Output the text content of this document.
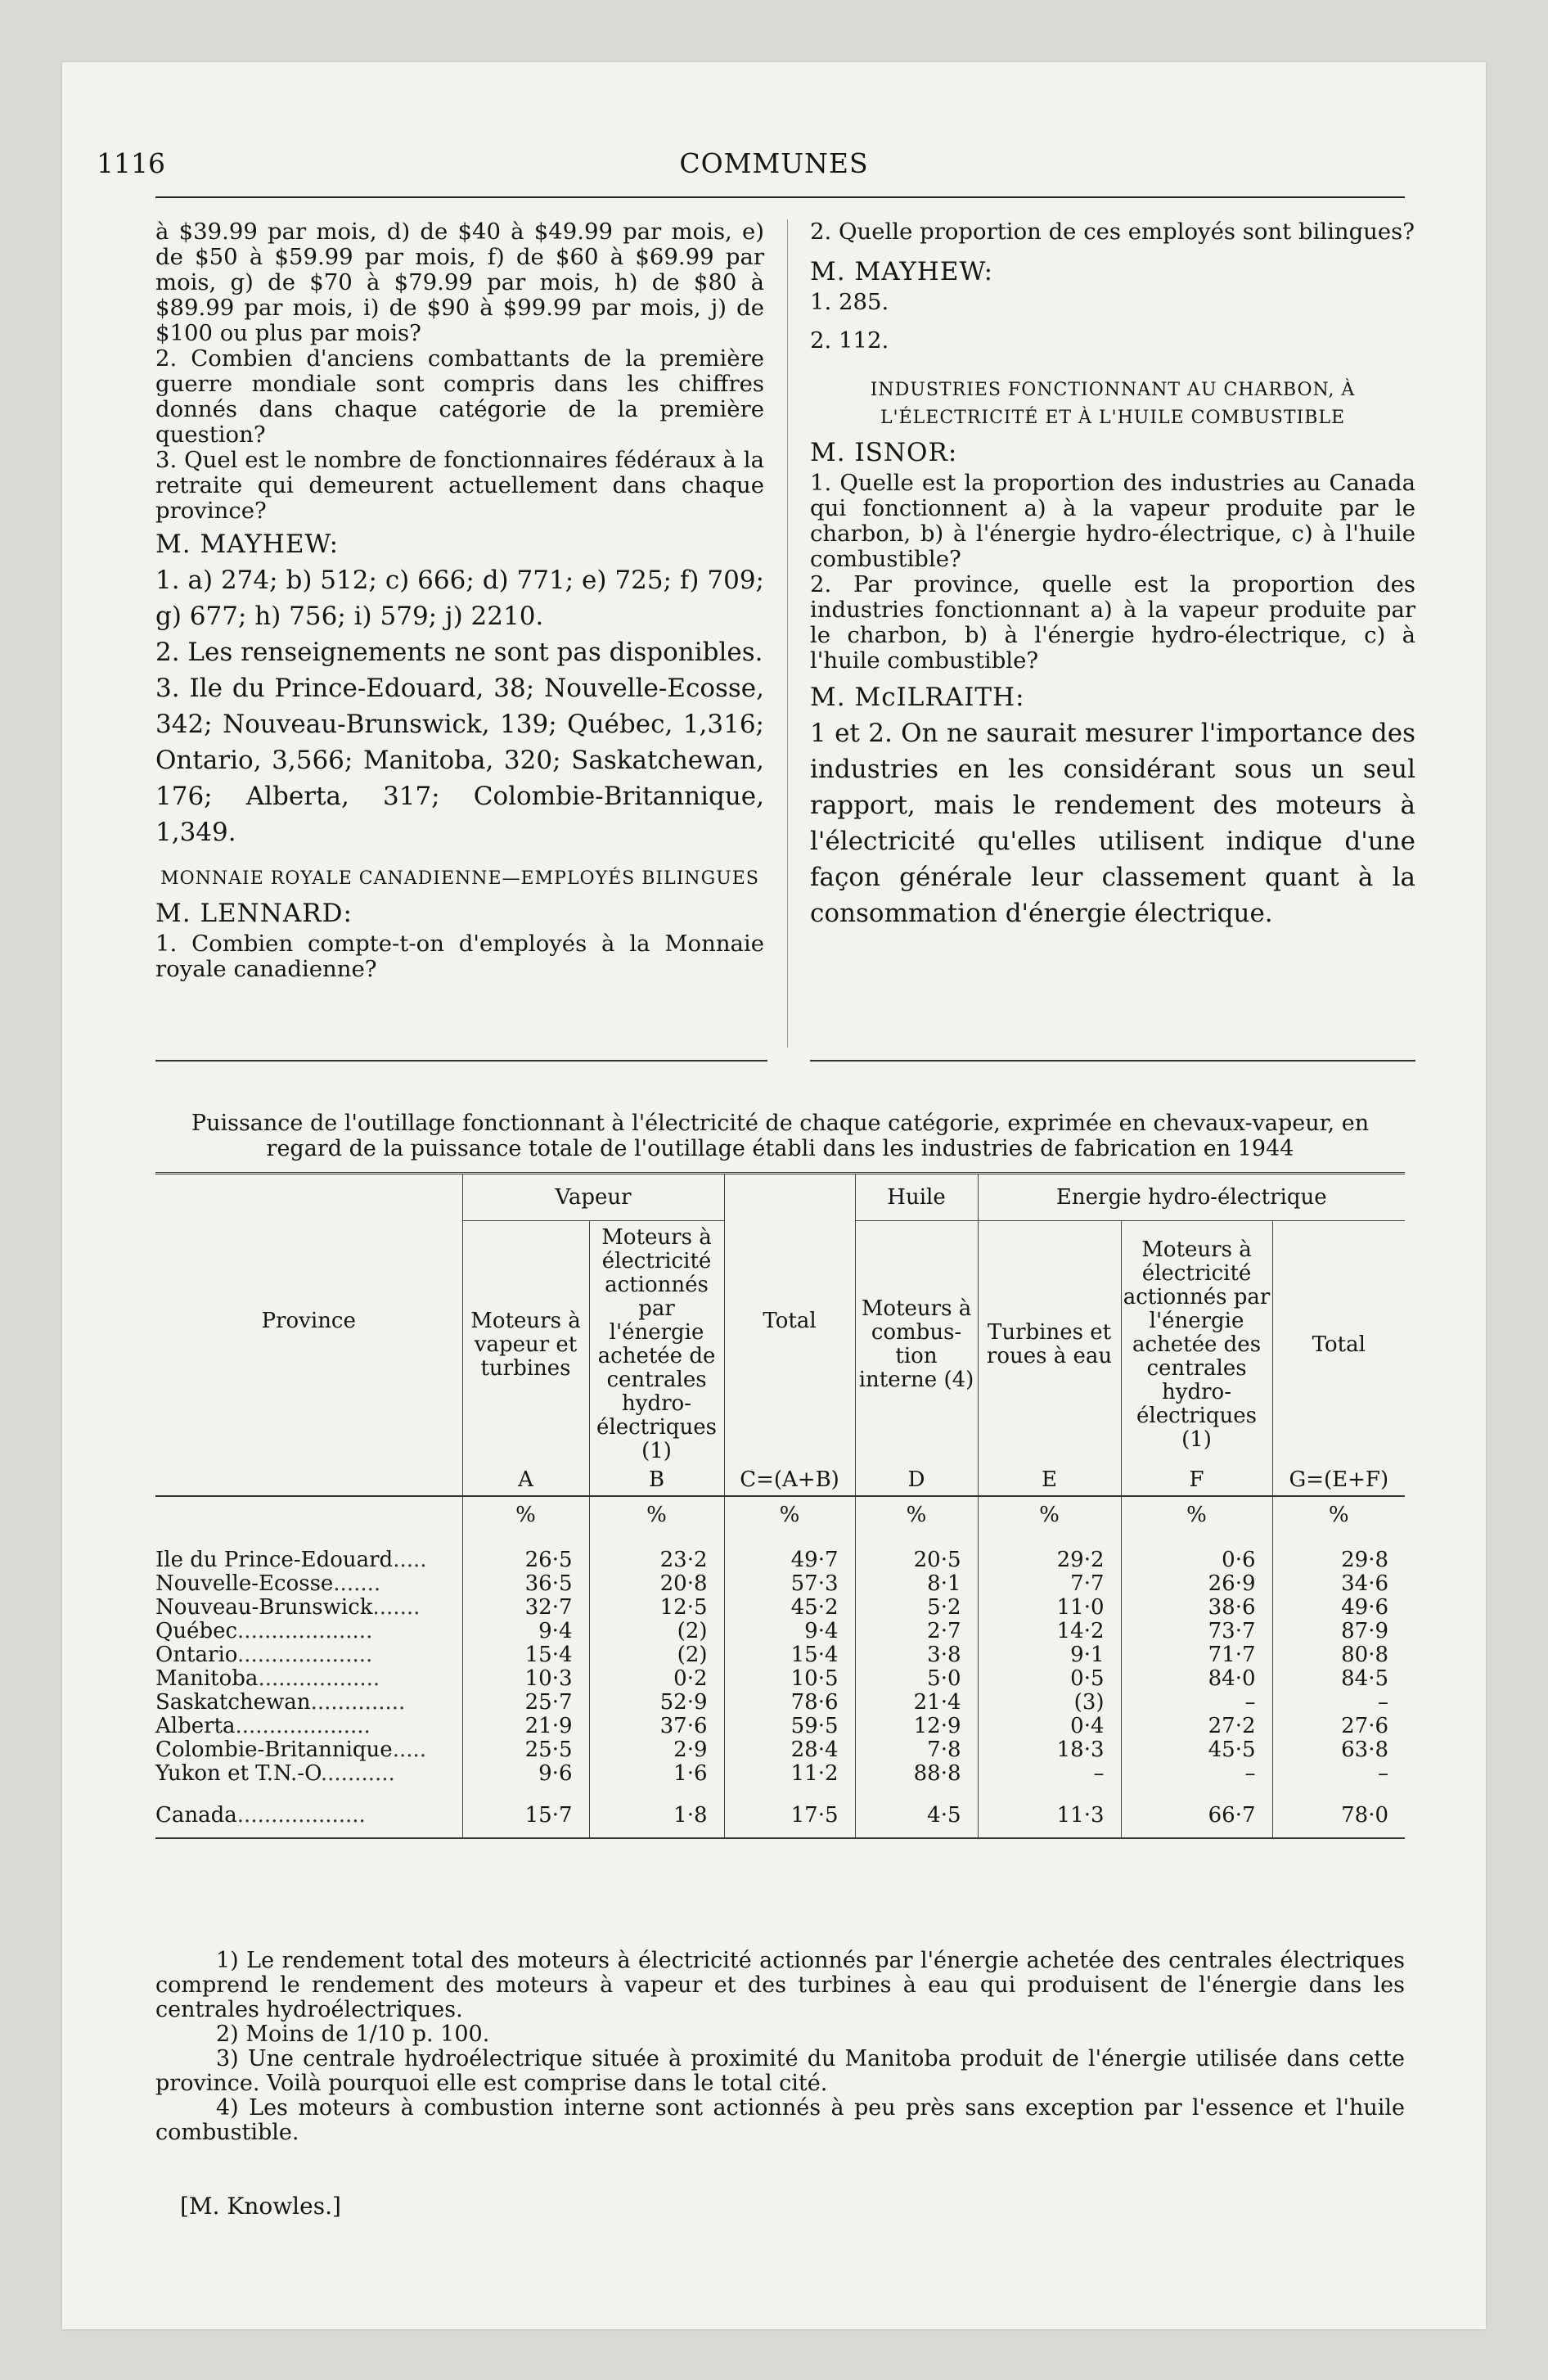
1116	COMMUNES

à $39.99 par mois, d) de $40 à $49.99 par mois, e) de $50 à $59.99 par mois, f) de $60 à $69.99 par mois, g) de $70 à $79.99 par mois, h) de $80 à $89.99 par mois, i) de $90 à $99.99 par mois, j) de $100 ou plus par mois?

2. Combien d'anciens combattants de la première guerre mondiale sont compris dans les chiffres donnés dans chaque catégorie de la première question?

3. Quel est le nombre de fonctionnaires fédéraux à la retraite qui demeurent actuellement dans chaque province?

M. MAYHEW:

1. a) 274; b) 512; c) 666; d) 771; e) 725; f) 709; g) 677; h) 756; i) 579; j) 2210.

2. Les renseignements ne sont pas disponibles.

3. Ile du Prince-Edouard, 38; Nouvelle-Ecosse, 342; Nouveau-Brunswick, 139; Québec, 1,316; Ontario, 3,566; Manitoba, 320; Saskatchewan, 176; Alberta, 317; Colombie-Britannique, 1,349.

MONNAIE ROYALE CANADIENNE—EMPLOYÉS BILINGUES

M. LENNARD:

1. Combien compte-t-on d'employés à la Monnaie royale canadienne?

2. Quelle proportion de ces employés sont bilingues?

M. MAYHEW:

1. 285.

2. 112.

INDUSTRIES FONCTIONNANT AU CHARBON, À L'ÉLECTRICITÉ ET À L'HUILE COMBUSTIBLE

M. ISNOR:

1. Quelle est la proportion des industries au Canada qui fonctionnent a) à la vapeur produite par le charbon, b) à l'énergie hydro-électrique, c) à l'huile combustible?

2. Par province, quelle est la proportion des industries fonctionnant a) à la vapeur produite par le charbon, b) à l'énergie hydro-électrique, c) à l'huile combustible?

M. McILRAITH:

1 et 2. On ne saurait mesurer l'importance des industries en les considérant sous un seul rapport, mais le rendement des moteurs à l'électricité qu'elles utilisent indique d'une façon générale leur classement quant à la consommation d'énergie électrique.

Puissance de l'outillage fonctionnant à l'électricité de chaque catégorie, exprimée en chevaux-vapeur, en regard de la puissance totale de l'outillage établi dans les industries de fabrication en 1944
Province	Vapeur		Total	Huile	Energie hydro-électrique		
	Moteurs à vapeur et turbines	Moteurs à électricité actionnés par l'énergie achetée de centrales hydro-électriques (1)		Moteurs à combus-tion interne (4)	Turbines et roues à eau	Moteurs à électricité actionnés par l'énergie achetée des centrales hydro-électriques (1)	Total
	A	B	C=(A+B)	D	E	F	G=(E+F)
	%	%	%	%	%	%	%
Ile du Prince-Edouard.....	26·5	23·2	49·7	20·5	29·2	0·6	29·8
Nouvelle-Ecosse.......	36·5	20·8	57·3	8·1	7·7	26·9	34·6
Nouveau-Brunswick.......	32·7	12·5	45·2	5·2	11·0	38·6	49·6
Québec....................	9·4	(2)	9·4	2·7	14·2	73·7	87·9
Ontario....................	15·4	(2)	15·4	3·8	9·1	71·7	80·8
Manitoba..................	10·3	0·2	10·5	5·0	0·5	84·0	84·5
Saskatchewan..............	25·7	52·9	78·6	21·4	(3)	–	–
Alberta....................	21·9	37·6	59·5	12·9	0·4	27·2	27·6
Colombie-Britannique.....	25·5	2·9	28·4	7·8	18·3	45·5	63·8
Yukon et T.N.-O...........	9·6	1·6	11·2	88·8	–	–	–

Canada...................	15·7	1·8	17·5	4·5	11·3	66·7	78·0

1) Le rendement total des moteurs à électricité actionnés par l'énergie achetée des centrales électriques comprend le rendement des moteurs à vapeur et des turbines à eau qui produisent de l'énergie dans les centrales hydroélectriques.

2) Moins de 1/10 p. 100.

3) Une centrale hydroélectrique située à proximité du Manitoba produit de l'énergie utilisée dans cette province. Voilà pourquoi elle est comprise dans le total cité.

4) Les moteurs à combustion interne sont actionnés à peu près sans exception par l'essence et l'huile combustible.

[M. Knowles.]
